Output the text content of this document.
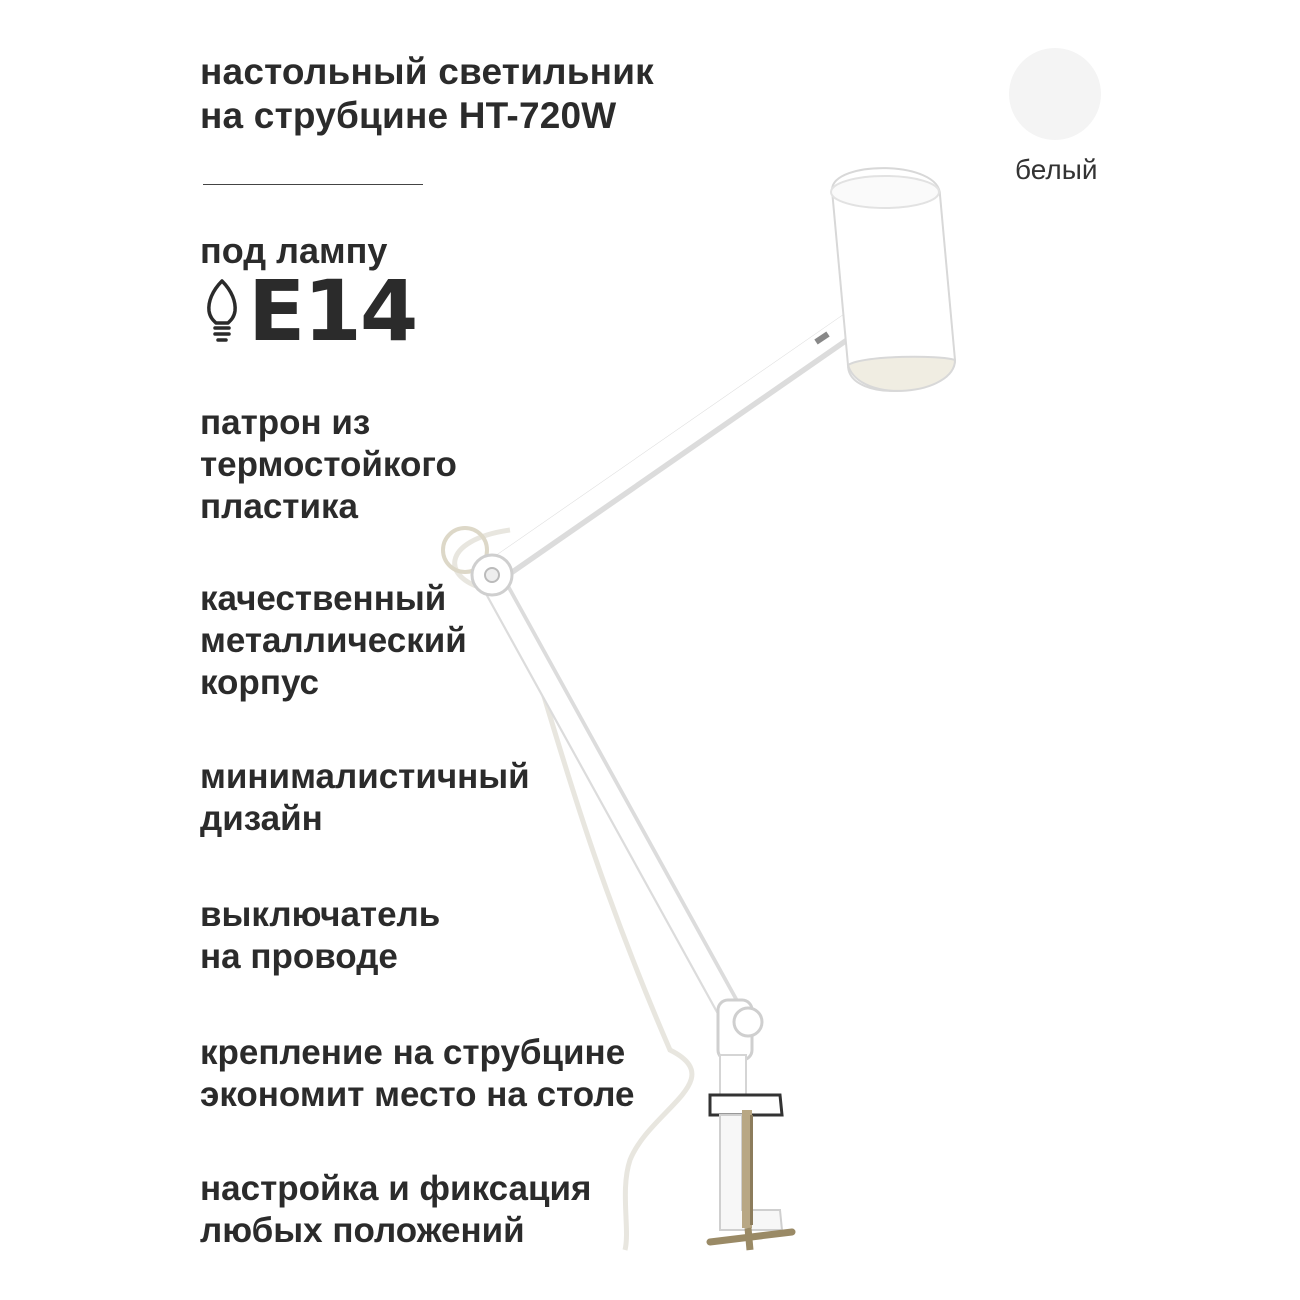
настольный светильник
на струбцине HT-720W
под лампу
E14
патрон из
термостойкого
пластика
качественный
металлический
корпус
минималистичный
дизайн
выключатель
на проводе
крепление на струбцине
экономит место на столе
настройка и фиксация
любых положений
белый
